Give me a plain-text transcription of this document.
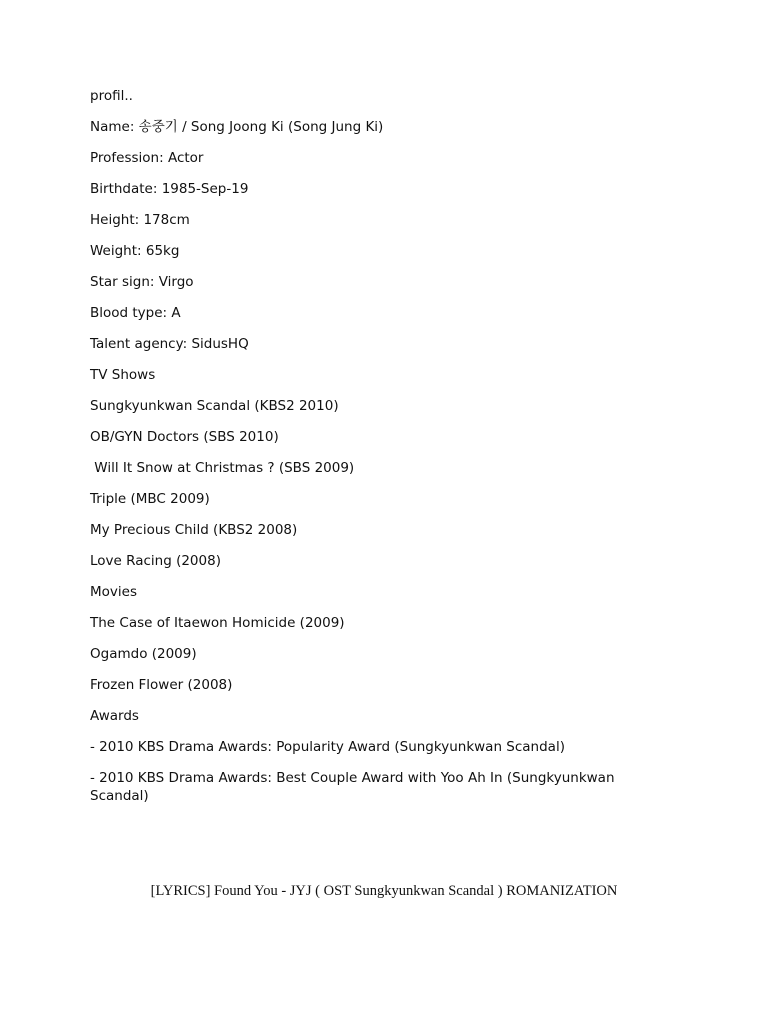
profil..

Name: 송중기 / Song Joong Ki (Song Jung Ki)

Profession: Actor

Birthdate: 1985-Sep-19

Height: 178cm

Weight: 65kg

Star sign: Virgo

Blood type: A

Talent agency: SidusHQ

TV Shows

Sungkyunkwan Scandal (KBS2 2010)

OB/GYN Doctors (SBS 2010)

Will It Snow at Christmas ? (SBS 2009)

Triple (MBC 2009)

My Precious Child (KBS2 2008)

Love Racing (2008)

Movies

The Case of Itaewon Homicide (2009)

Ogamdo (2009)

Frozen Flower (2008)

Awards

- 2010 KBS Drama Awards: Popularity Award (Sungkyunkwan Scandal)

- 2010 KBS Drama Awards: Best Couple Award with Yoo Ah In (Sungkyunkwan Scandal)

[LYRICS] Found You - JYJ ( OST Sungkyunkwan Scandal ) ROMANIZATION
